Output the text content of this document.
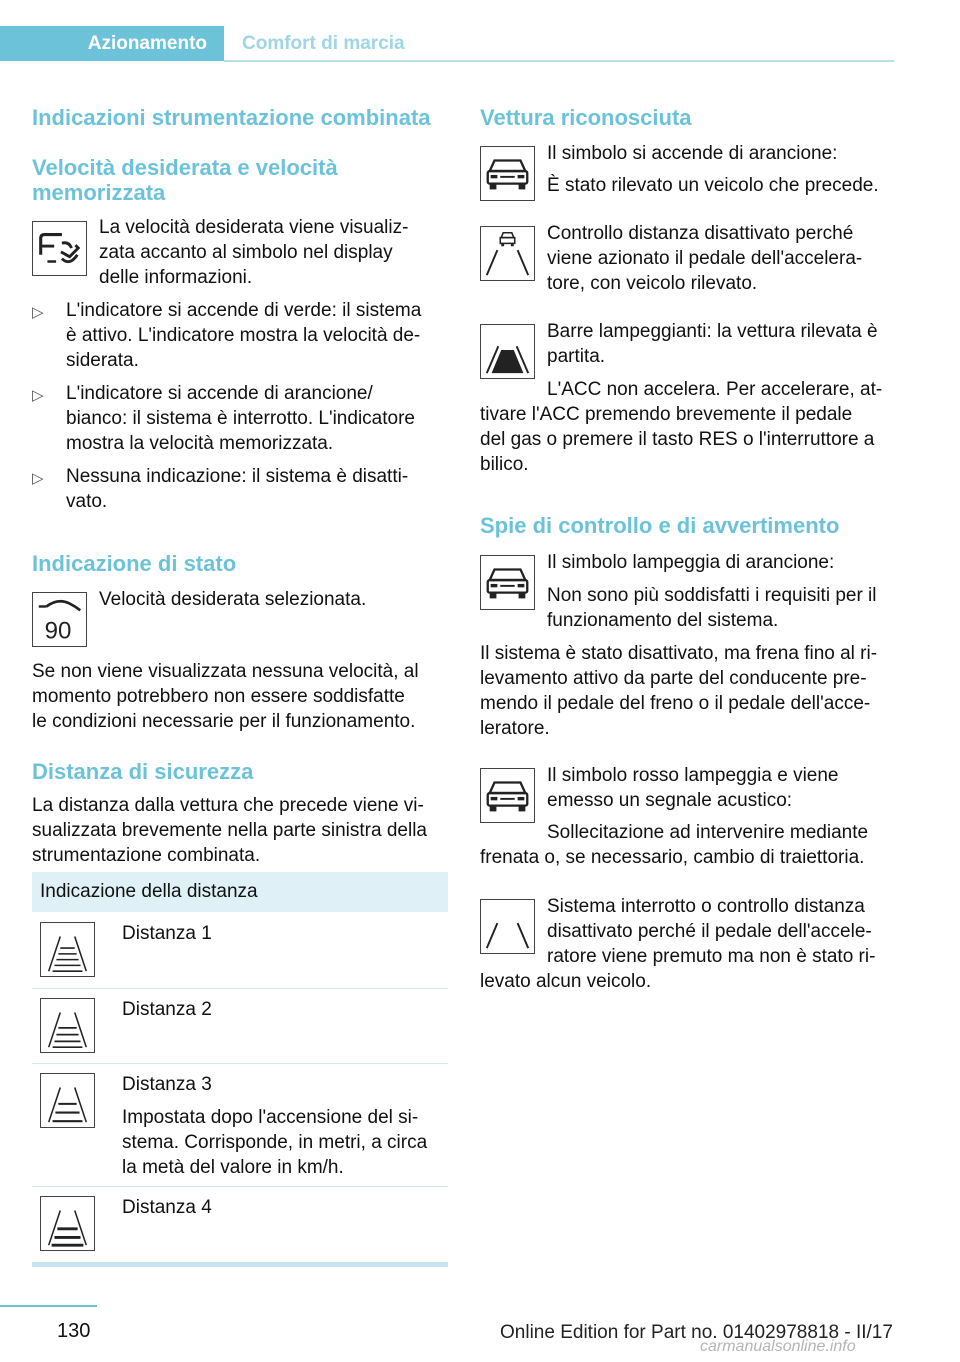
Azionamento	Comfort di marcia
Indicazioni strumentazione combinata
Velocità desiderata e velocità
memorizzata
La velocità desiderata viene visualiz-
zata accanto al simbolo nel display
delle informazioni.
▷ L'indicatore si accende di verde: il sistema
è attivo. L'indicatore mostra la velocità de-
siderata.
▷ L'indicatore si accende di arancione/
bianco: il sistema è interrotto. L'indicatore
mostra la velocità memorizzata.
▷ Nessuna indicazione: il sistema è disatti-
vato.
Indicazione di stato
90
Velocità desiderata selezionata.
Se non viene visualizzata nessuna velocità, al
momento potrebbero non essere soddisfatte
le condizioni necessarie per il funzionamento.
Distanza di sicurezza
La distanza dalla vettura che precede viene vi-
sualizzata brevemente nella parte sinistra della
strumentazione combinata.
Indicazione della distanza
Distanza 1
Distanza 2
Distanza 3
Impostata dopo l'accensione del si-
stema. Corrisponde, in metri, a circa
la metà del valore in km/h.
Distanza 4
Vettura riconosciuta
Il simbolo si accende di arancione:
È stato rilevato un veicolo che precede.
Controllo distanza disattivato perché
viene azionato il pedale dell'accelera-
tore, con veicolo rilevato.
Barre lampeggianti: la vettura rilevata è
partita.
L'ACC non accelera. Per accelerare, at-
tivare l'ACC premendo brevemente il pedale
del gas o premere il tasto RES o l'interruttore a
bilico.
Spie di controllo e di avvertimento
Il simbolo lampeggia di arancione:
Non sono più soddisfatti i requisiti per il
funzionamento del sistema.
Il sistema è stato disattivato, ma frena fino al ri-
levamento attivo da parte del conducente pre-
mendo il pedale del freno o il pedale dell'acce-
leratore.
Il simbolo rosso lampeggia e viene
emesso un segnale acustico:
Sollecitazione ad intervenire mediante
frenata o, se necessario, cambio di traiettoria.
Sistema interrotto o controllo distanza
disattivato perché il pedale dell'accele-
ratore viene premuto ma non è stato ri-
levato alcun veicolo.
130	Online Edition for Part no. 01402978818 - II/17
carmanualsonline.info
